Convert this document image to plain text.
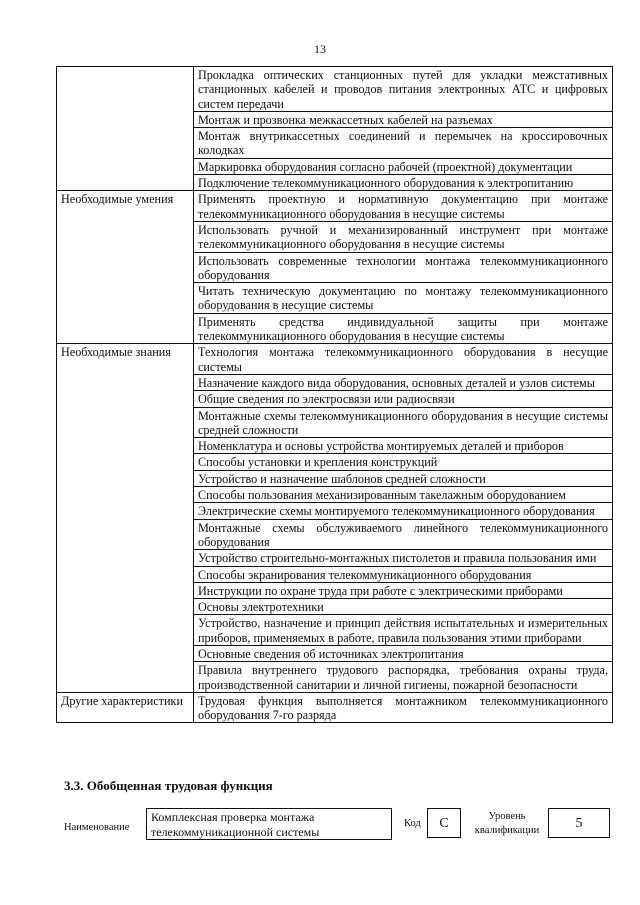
13
	Прокладка оптических станционных путей для укладки межстативных станционных кабелей и проводов питания электронных АТС и цифровых систем передачи
	Монтаж и прозвонка межкассетных кабелей на разъемах
	Монтаж внутрикассетных соединений и перемычек на кроссировочных колодках
	Маркировка оборудования согласно рабочей (проектной) документации
	Подключение телекоммуникационного оборудования к электропитанию
Необходимые умения	Применять проектную и нормативную документацию при монтаже телекоммуникационного оборудования в несущие системы
	Использовать ручной и механизированный инструмент при монтаже телекоммуникационного оборудования в несущие системы
	Использовать современные технологии монтажа телекоммуникационного оборудования
	Читать техническую документацию по монтажу телекоммуникационного оборудования в несущие системы
	Применять средства индивидуальной защиты при монтаже телекоммуникационного оборудования в несущие системы
Необходимые знания	Технология монтажа телекоммуникационного оборудования в несущие системы
	Назначение каждого вида оборудования, основных деталей и узлов системы
	Общие сведения по электросвязи или радиосвязи
	Монтажные схемы телекоммуникационного оборудования в несущие системы средней сложности
	Номенклатура и основы устройства монтируемых деталей и приборов
	Способы установки и крепления конструкций
	Устройство и назначение шаблонов средней сложности
	Способы пользования механизированным такелажным оборудованием
	Электрические схемы монтируемого телекоммуникационного оборудования
	Монтажные схемы обслуживаемого линейного телекоммуникационного оборудования
	Устройство строительно-монтажных пистолетов и правила пользования ими
	Способы экранирования телекоммуникационного оборудования
	Инструкции по охране труда при работе с электрическими приборами
	Основы электротехники
	Устройство, назначение и принцип действия испытательных и измерительных приборов, применяемых в работе, правила пользования этими приборами
	Основные сведения об источниках электропитания
	Правила внутреннего трудового распорядка, требования охраны труда, производственной санитарии и личной гигиены, пожарной безопасности
Другие характеристики	Трудовая функция выполняется монтажником телекоммуникационного оборудования 7-го разряда
3.3. Обобщенная трудовая функция
Наименование
Комплексная проверка монтажа телекоммуникационной системы
Код	C	Уровень квалификации	5
